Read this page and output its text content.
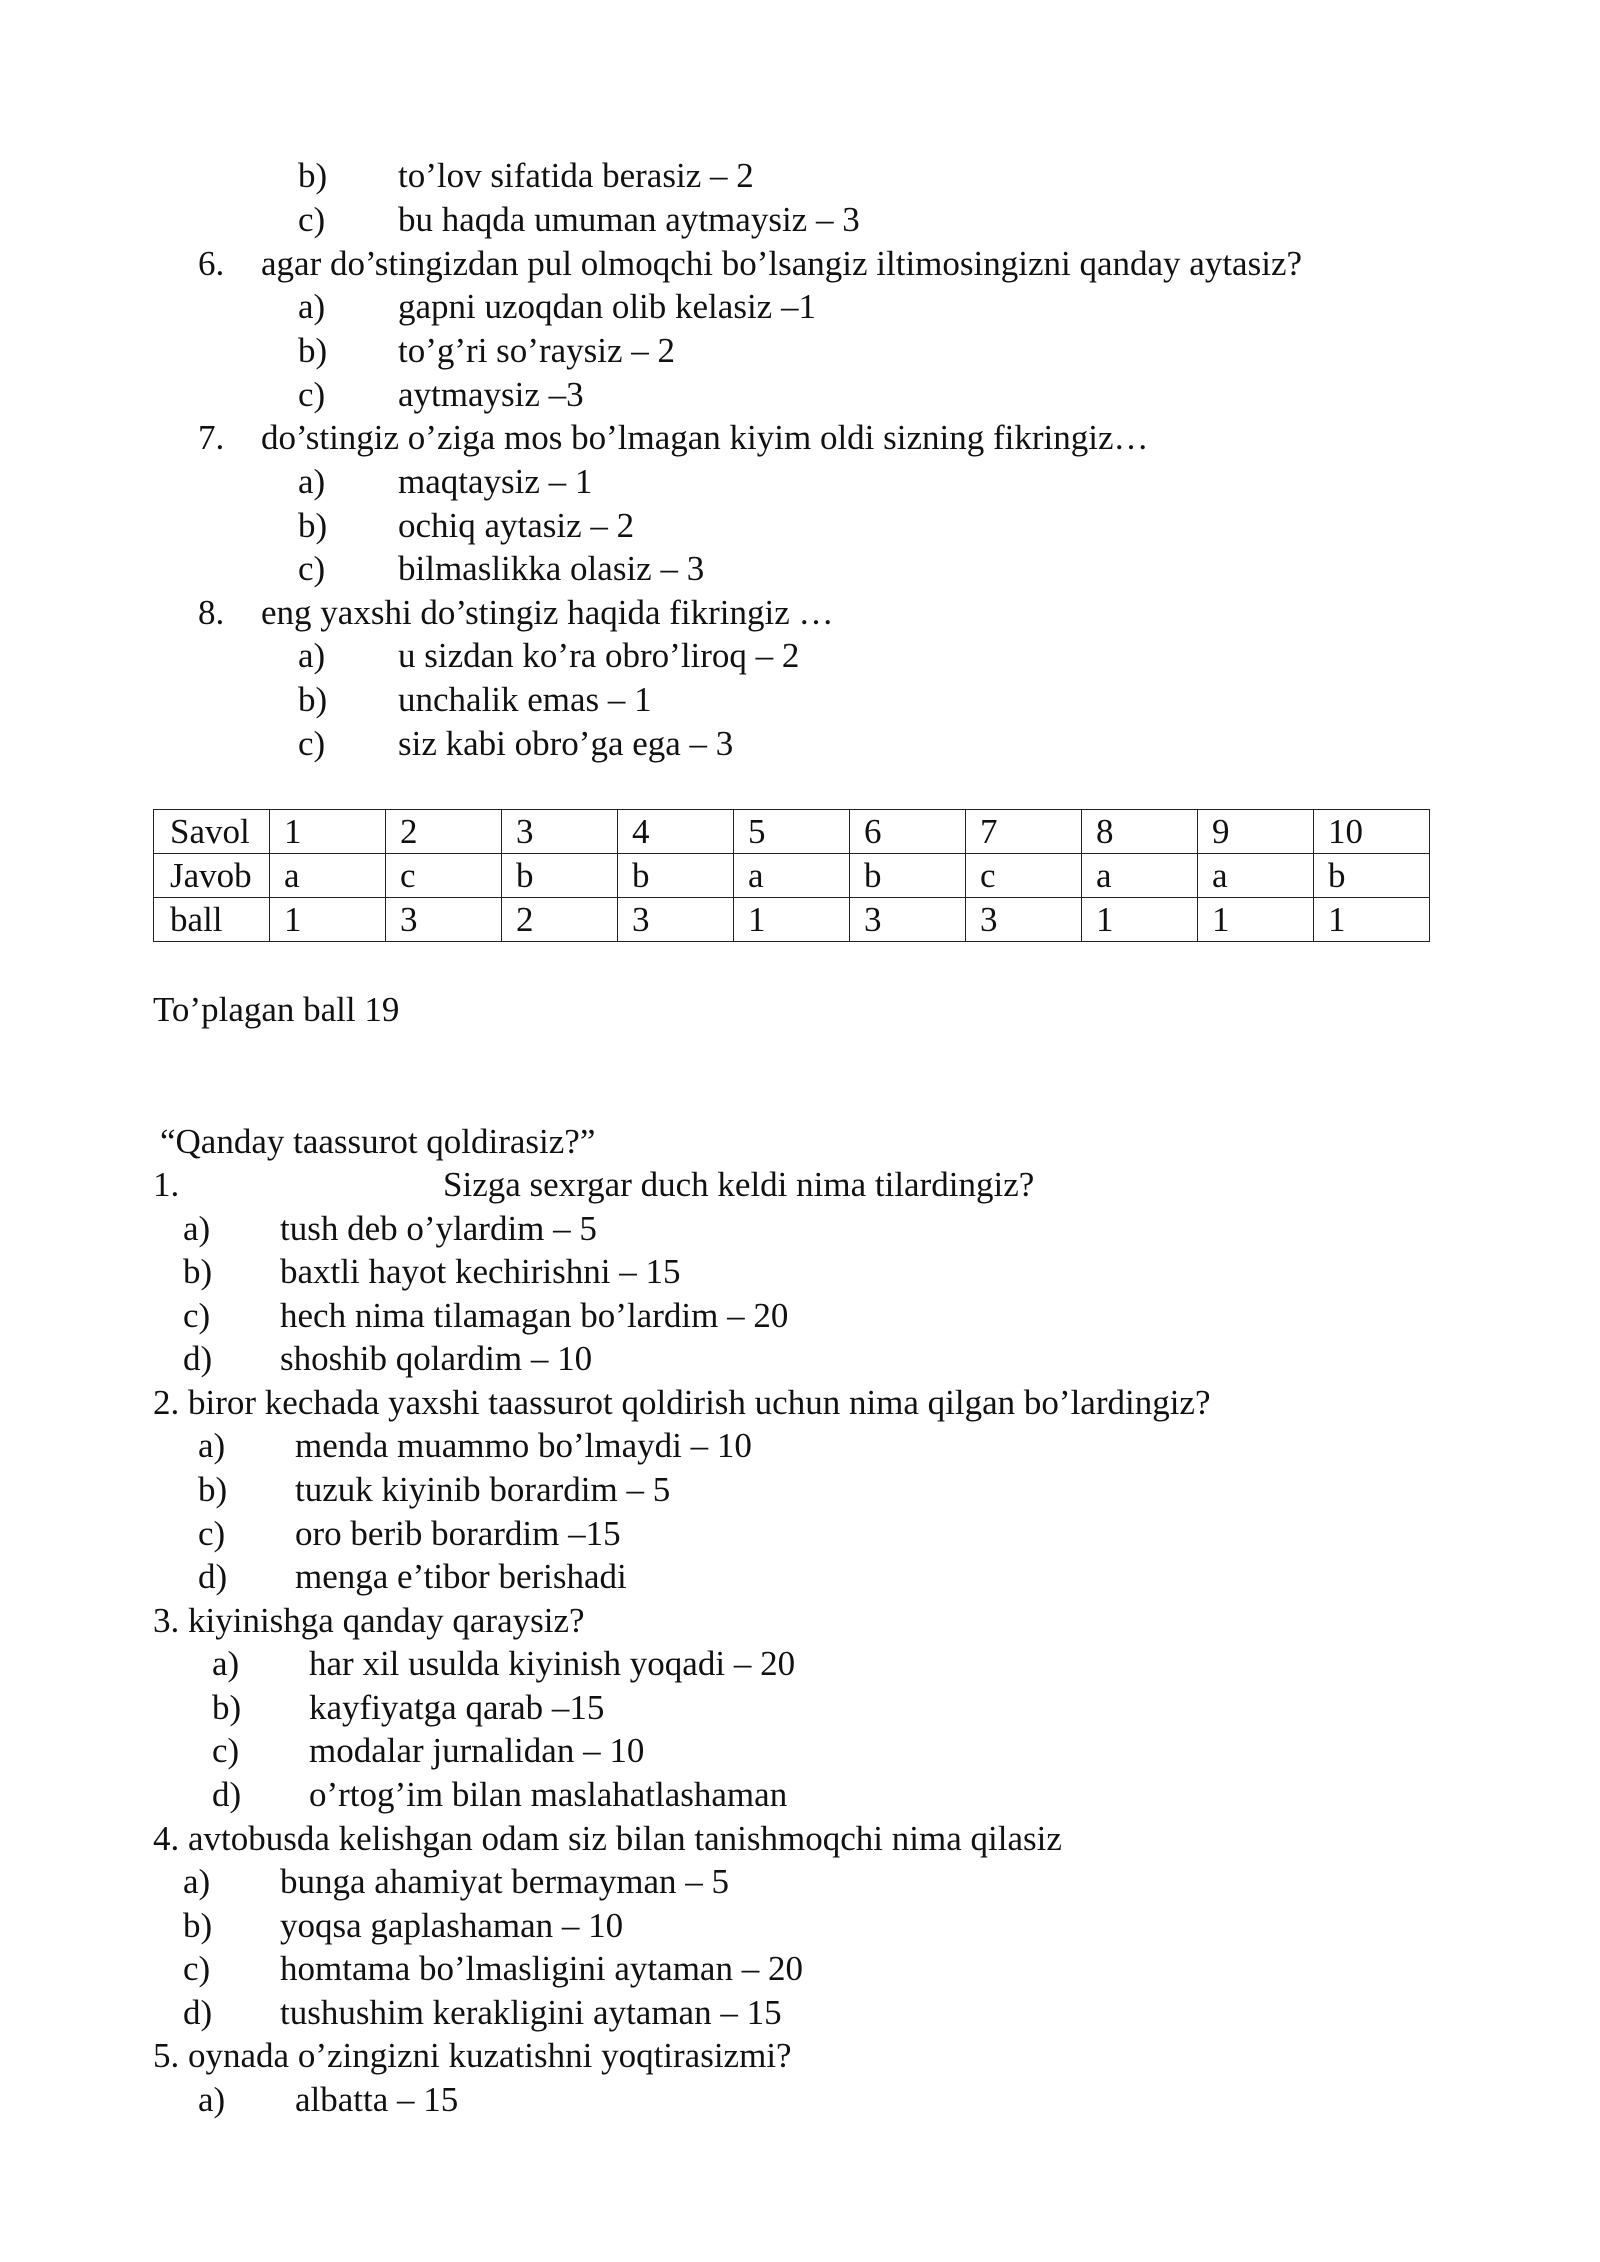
b) to’lov sifatida berasiz – 2
c) bu haqda umuman aytmaysiz – 3
6. agar do’stingizdan pul olmoqchi bo’lsangiz iltimosingizni qanday aytasiz?
a) gapni uzoqdan olib kelasiz –1
b) to’g’ri so’raysiz – 2
c) aytmaysiz –3
7. do’stingiz o’ziga mos bo’lmagan kiyim oldi sizning fikringiz…
a) maqtaysiz – 1
b) ochiq aytasiz – 2
c) bilmaslikka olasiz – 3
8. eng yaxshi do’stingiz haqida fikringiz …
a) u sizdan ko’ra obro’liroq – 2
b) unchalik emas – 1
c) siz kabi obro’ga ega – 3
Savol	1	2	3	4	5	6	7	8	9	10
Javob	a	c	b	b	a	b	c	a	a	b
ball	1	3	2	3	1	3	3	1	1	1
To’plagan ball 19
“Qanday taassurot qoldirasiz?”
1.	Sizga sexrgar duch keldi nima tilardingiz?
a) tush deb o’ylardim – 5
b) baxtli hayot kechirishni – 15
c) hech nima tilamagan bo’lardim – 20
d) shoshib qolardim – 10
2. biror kechada yaxshi taassurot qoldirish uchun nima qilgan bo’lardingiz?
a) menda muammo bo’lmaydi – 10
b) tuzuk kiyinib borardim – 5
c) oro berib borardim –15
d) menga e’tibor berishadi
3. kiyinishga qanday qaraysiz?
a) har xil usulda kiyinish yoqadi – 20
b) kayfiyatga qarab –15
c) modalar jurnalidan – 10
d) o’rtog’im bilan maslahatlashaman
4. avtobusda kelishgan odam siz bilan tanishmoqchi nima qilasiz
a) bunga ahamiyat bermayman – 5
b) yoqsa gaplashaman – 10
c) homtama bo’lmasligini aytaman – 20
d) tushushim kerakligini aytaman – 15
5. oynada o’zingizni kuzatishni yoqtirasizmi?
a) albatta – 15
